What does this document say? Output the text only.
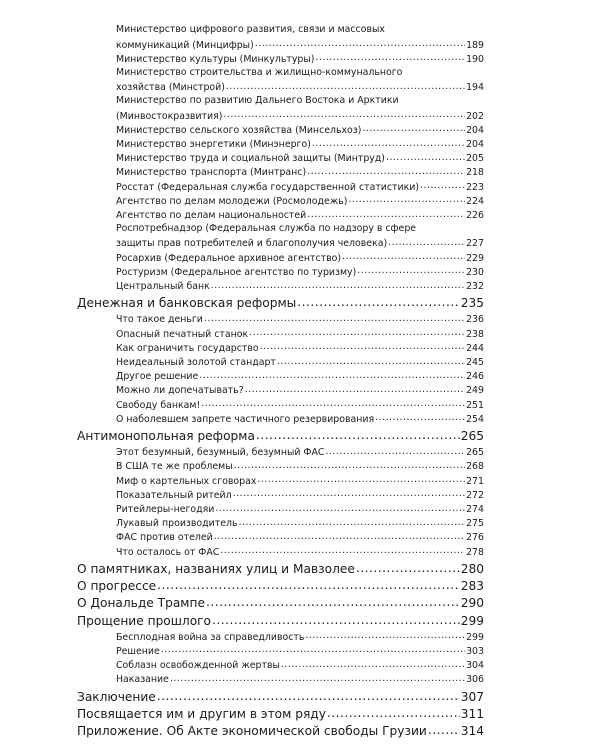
Министерство цифрового развития, связи и массовых
коммуникаций (Минцифры) .....	189
Министерство культуры (Минкультуры) .....	190
Министерство строительства и жилищно-коммунального
хозяйства (Минстрой) .....	194
Министерство по развитию Дальнего Востока и Арктики
(Минвостокразвития) .....	202
Министерство сельского хозяйства (Минсельхоз) .....	204
Министерство энергетики (Минэнерго) .....	204
Министерство труда и социальной защиты (Минтруд) .....	205
Министерство транспорта (Минтранс) .....	218
Росстат (Федеральная служба государственной статистики) .....	223
Агентство по делам молодежи (Росмолодежь) .....	224
Агентство по делам национальностей .....	226
Роспотребнадзор (Федеральная служба по надзору в сфере
защиты прав потребителей и благополучия человека) .....	227
Росархив (Федеральное архивное агентство) .....	229
Ростуризм (Федеральное агентство по туризму) .....	230
Центральный банк .....	232
Денежная и банковская реформы .....	235
Что такое деньги .....	236
Опасный печатный станок .....	238
Как ограничить государство .....	244
Неидеальный золотой стандарт .....	245
Другое решение .....	246
Можно ли допечатывать? .....	249
Свободу банкам! .....	251
О наболевшем запрете частичного резервирования .....	254
Антимонопольная реформа .....	265
Этот безумный, безумный, безумный ФАС .....	265
В США те же проблемы .....	268
Миф о картельных сговорах .....	271
Показательный ритейл .....	272
Ритейлеры-негодяи .....	274
Лукавый производитель .....	275
ФАС против отелей .....	276
Что осталось от ФАС .....	278
О памятниках, названиях улиц и Мавзолее .....	280
О прогрессе .....	283
О Дональде Трампе .....	290
Прощение прошлого .....	299
Бесплодная война за справедливость .....	299
Решение .....	303
Соблазн освобожденной жертвы .....	304
Наказание .....	306
Заключение .....	307
Посвящается им и другим в этом ряду .....	311
Приложение. Об Акте экономической свободы Грузии .....	314
